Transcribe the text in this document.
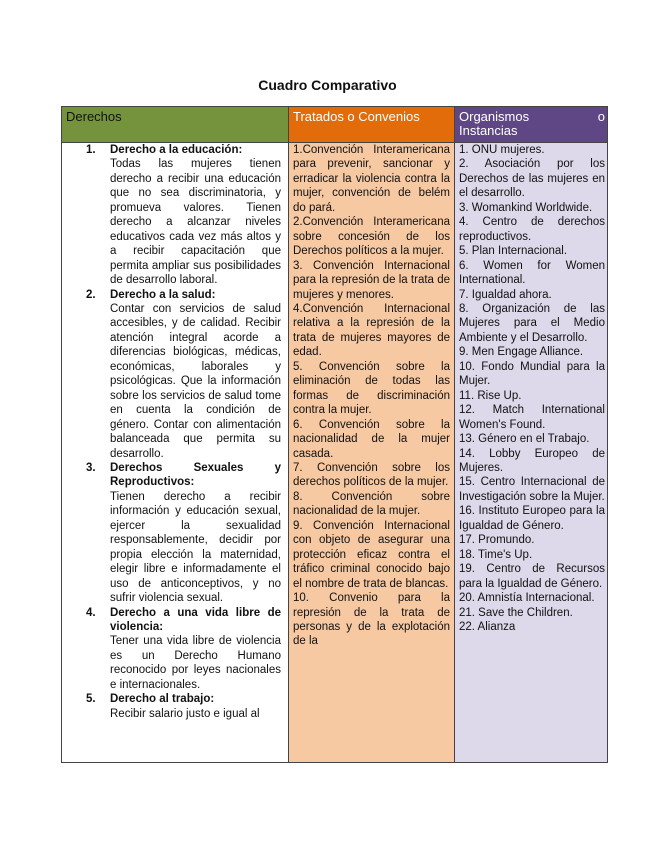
Cuadro Comparativo
Derechos
1. Derecho a la educación:
Todas las mujeres tienen derecho a recibir una educación que no sea discriminatoria, y promueva valores. Tienen derecho a alcanzar niveles educativos cada vez más altos y a recibir capacitación que permita ampliar sus posibilidades de desarrollo laboral.
2. Derecho a la salud:
Contar con servicios de salud accesibles, y de calidad. Recibir atención integral acorde a diferencias biológicas, médicas, económicas, laborales y psicológicas. Que la información sobre los servicios de salud tome en cuenta la condición de género. Contar con alimentación balanceada que permita su desarrollo.
3. Derechos Sexuales y Reproductivos:
Tienen derecho a recibir información y educación sexual, ejercer la sexualidad responsablemente, decidir por propia elección la maternidad, elegir libre e informadamente el uso de anticonceptivos, y no sufrir violencia sexual.
4. Derecho a una vida libre de violencia:
Tener una vida libre de violencia es un Derecho Humano reconocido por leyes nacionales e internacionales.
5. Derecho al trabajo:
Recibir salario justo e igual al
Tratados o Convenios
1.Convención Interamericana para prevenir, sancionar y erradicar la violencia contra la mujer, convención de belém do pará.
2.Convención Interamericana sobre concesión de los Derechos políticos a la mujer.
3. Convención Internacional para la represión de la trata de mujeres y menores.
4.Convención Internacional relativa a la represión de la trata de mujeres mayores de edad.
5. Convención sobre la eliminación de todas las formas de discriminación contra la mujer.
6. Convención sobre la nacionalidad de la mujer casada.
7. Convención sobre los derechos políticos de la mujer.
8. Convención sobre nacionalidad de la mujer.
9. Convención Internacional con objeto de asegurar una protección eficaz contra el tráfico criminal conocido bajo el nombre de trata de blancas.
10. Convenio para la represión de la trata de personas y de la explotación de la
Organismos o
Instancias
1. ONU mujeres.
2. Asociación por los Derechos de las mujeres en el desarrollo.
3. Womankind Worldwide.
4. Centro de derechos reproductivos.
5. Plan Internacional.
6. Women for Women International.
7. Igualdad ahora.
8. Organización de las Mujeres para el Medio Ambiente y el Desarrollo.
9. Men Engage Alliance.
10. Fondo Mundial para la Mujer.
11. Rise Up.
12. Match International Women's Found.
13. Género en el Trabajo.
14. Lobby Europeo de Mujeres.
15. Centro Internacional de Investigación sobre la Mujer.
16. Instituto Europeo para la Igualdad de Género.
17. Promundo.
18. Time's Up.
19. Centro de Recursos para la Igualdad de Género.
20. Amnistía Internacional.
21. Save the Children.
22. Alianza
